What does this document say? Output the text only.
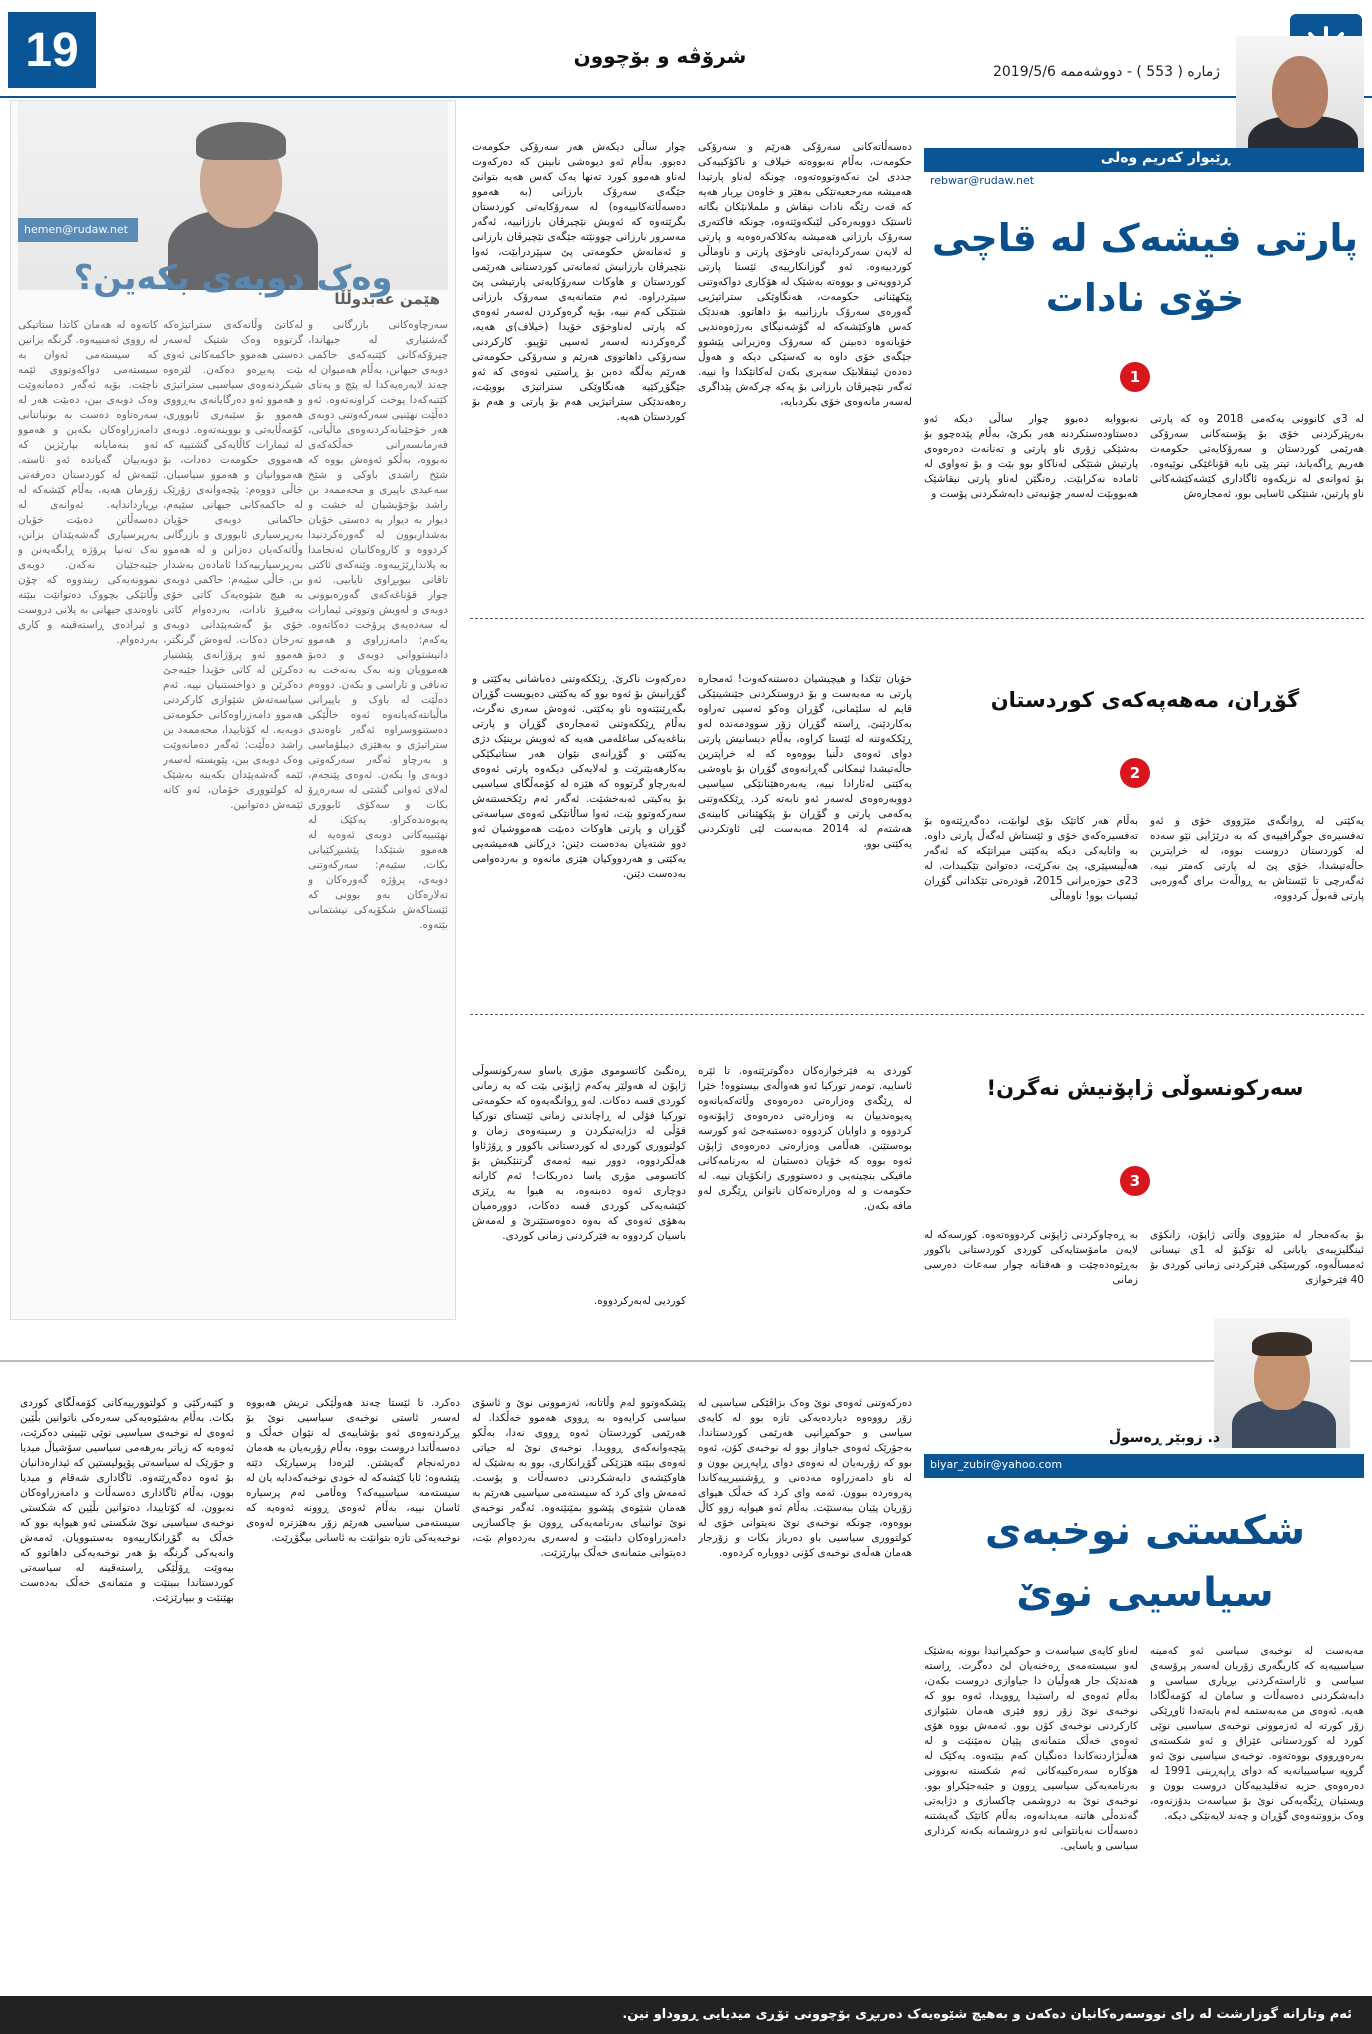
19	شرۆڤە و بۆچوون
ژمارە ( 553 ) - دووشەممە 2019/5/6
هێمن عەبدوڵڵا
hemen@rudaw.net
وەک دوبەی بکەین؟
سەرچاوەکانی بازرگانی و گەشتیاری لە جیهاندا، چیرۆکەکانی کێتبەکەی حاکمی دوبەی جیهانن، بەڵام هەمیوان لە چەند لاپەرەیەکدا لە پێچ و پەنای کێتبەکەدا پوخت کراونەتەوە. ئەو دەڵێت نهێنیی سەرکەوتنی دوبەی هەر خۆجێبانەکردنەوەی ماڵیاتی، فەرمانسەرانی خەڵکەکەی نەبووە، بەڵکو ئەوەش بووە کە شێخ راشدی باوکی و شێخ سەعیدی باپیری و محەممەد بن راشد بۆخۆیشیان لە خشت و دیوار بە دیوار بە دەستی خۆیان بەشداربوون لە گەورەکردنیدا کردووە و کاروەکانیان ئەنجامدا بە پلانداڕێژییەوە. وێنەکەی ئاکتی تاقانی بیوبڕاوی نایابیی. ئەو چوار قۆناغەکەی گەورەبوونی دوبەی و لەویش وتووتی ئیمارات لە سەدەیەی پرۆخت دەکاتەوە. یەکەم: دامەزراوی و هەموو دانیشتووانی دوبەی و دەبۆ هەموویان ونە بەک بەنەخت بە تەنافی و تاراسی و بکەن. دووەم دەڵێت لە باوک و باپیرانی ماڵبانتەکەیانەوە ئەوە خاڵێکی دەستنووسراوە ئەگەر ناوەندی ستراتیژی و بەهێزی دیبلۆماسی و بەرچاو ئەگەر سەرکەوتی دوبەی وا بکەن. ئەوەی پێنجەم، لەلای ئەوانی گشتی لە سەرەڕۆ بکات و سەکۆی ئابووری پەیوەندەکراو. یەکێک لە نهێنییەکانی دوبەی ئەوەیە لە هەموو شتێکدا پێشبڕکێیانی بکات. سێیەم: سەرکەوتنی دوبەی، پرۆژە گەورەکان و تەلارەکان بەو بوونی کە ئێستاکەش شکۆیەکی نیشتمانی بێتەوە.
لەکاتێ وڵاتەکەی ستراتیژەکە گرتووە وەک شتیک لەسەر دەستی هەموو حاکمەکانی ئەوی بێت پەیڕەو دەکەن. لێرەوە شیکردنەوەی سیاسیی ستراتیژی و هەموو ئەو دەرگایانەی بەڕووی هەموو بۆ سێبەری ئابووری، کۆمەڵایەتی و بووینەتەوە. دوبەی لە ئیمارات کاڵایەکی گشتییە کە هەمووی حکومەت دەدات، بۆ هەمووانیان و هەموو سیاسیان. خاڵی دووەم: پێچەوانەی زۆرێک لە حاکمەکانی جیهانی سێیەم، حاکمانی دوبەی خۆیان بەرپرسیاری ئابووری و بازرگانی وڵاتەکەیان دەزانن و لە هەموو بەرپرسیارییەکدا ئامادەن بەشدار بن. خاڵی سێیەم: حاکمی دوبەی بە هیچ شێوەیەک کاتی خۆی بەفیڕۆ نادات، بەردەوام کاتی خۆی بۆ گەشەپێدانی دوبەی تەرخان دەکات. لەوەش گرنگتر، هەموو ئەو پرۆژانەی پێشنیار دەکرێن لە کاتی خۆیدا جێبەجێ دەکرێن و دواخستنیان نییە. ئەم سیاسەتەش شێوازی کارکردنی هەموو دامەزراوەکانی حکومەتی دوبەیە. لە کۆتاییدا، محەممەد بن راشد دەڵێت: ئەگەر دەمانەوێت وەک دوبەی بین، پێویستە لەسەر ئێمە گەشەپێدان بکەینە بەشێک لە کولتووری خۆمان، ئەو کاتە ئێمەش دەتوانین.
کاتەوە لە هەمان کاتدا ستاتیکی لە رووی ئەمنییەوە. گرنگە بزانین کە سیستەمی ئەوان بە سیستەمی دواکەوتووی ئێمە ناچێت. بۆیە ئەگەر دەمانەوێت وەک دوبەی بین، دەبێت هەر لە سەرەتاوە دەست بە بونیاتنانی دامەزراوەکان بکەین و هەموو ئەو بنەمایانە بپارێزین کە دوبەییان گەیاندە ئەو ئاستە. ئێمەش لە کوردستان دەرفەتی زۆرمان هەیە، بەڵام کێشەکە لە بڕیارداندایە. ئەوانەی لە دەسەڵاتن دەبێت خۆیان بەرپرسیاری گەشەپێدان بزانن، نەک تەنیا پرۆژە ڕابگەیەنن و جێبەجێیان نەکەن. دوبەی نموونەیەکی زیندووە کە چۆن وڵاتێکی بچووک دەتوانێت ببێتە ناوەندی جیهانی بە پلانی دروست و ئیرادەی ڕاستەقینە و کاری بەردەوام.
ڕێبوار کەریم وەلی
rebwar@rudaw.net
پارتی فیشەک لە قاچی
خۆی نادات
1
لە 3ی کانوونی یەکەمی 2018 وە کە پارتی بەرپێرکردنی خۆی بۆ پۆستەکانی سەرۆکی هەرێمی کوردستان و سەرۆکایەتی حکومەت هەریم ڕاگەیاند، تیتر پێی نایە قۆناغێکی نوێیەوە. بۆ ئەوانەی لە نزیکەوە ئاگاداری کێشەکێشەکانی ناو پارتین، شتێکی ئاسایی بوو، ئەمجارەش
نەبووایە دەبوو چوار ساڵی دیکە ئەو دەستاودەستکردنە هەر بکرێ، بەڵام پێدەچوو بۆ بەشێکی زۆری ناو پارتی و تەنانەت دەرەوەی پارتیش شتێکی لەناکاو بوو بێت و بۆ تەواوی لە ئامادە نەکرابێت. رەنگێن لەناو پارتی نیقاشێک هەبووبێت لەسەر چۆنیەتی دابەشکردنی پۆست و
دەسەڵاتەکانی سەرۆکی هەرێم و سەرۆکی حکومەت، بەڵام نەبووەتە خیلاف و ناکۆکییەکی جددی لێ نەکەوتووەتەوە، چونکە لەناو پارتیدا هەمیشە مەرجعیەتێکی بەهێز و خاوەن بڕیار هەیە کە قەت رێگە نادات نیقاش و ململانێکان بگاتە ئاستێک دووبەرەکی لێبکەوێتەوە، چونکە فاکتەری سەرۆک بارزانی هەمیشە بەکلاکەرەوەیە و پارتی لە لایەن سەرکردایەتی ناوخۆی پارتی و ناوماڵی کوردییەوە. ئەو گوزانکارییەی ئێستا پارتی کردوویەتی و بووەتە بەشێک لە هۆکاری دواکەوتنی پێکهێنانی حکومەت، هەنگاوێکی ستراتیژیی گەورەی سەرۆک بارزانییە بۆ داهاتوو. هەندێک کەس هاوکێشەکە لە گۆشەنیگای بەرژەوەندیی خۆیانەوە دەبینن کە سەرۆک وەزیرانی پێشوو جێگەی خۆی داوە بە کەسێکی دیکە و هەوڵ دەدەن ئینقلابێک سەیری بکەن لەکاتێکدا وا نییە. ئەگەر نێچیرڤان بارزانی بۆ پەکە چرکەش پێداگری لەسەر مانەوەی خۆی بکردبایە،
چوار ساڵی دیکەش هەر سەرۆکی حکومەت دەبوو. بەڵام ئەو دیوەشی نابینن کە دەرکەوت لەناو هەموو کورد تەنها یەک کەس هەیە بتوانێ جێگەی سەرۆک بارزانی (بە هەموو دەسەڵاتەکانییەوە) لە سەرۆکایەتی کوردستان بگرێتەوە کە ئەویش نێچیرڤان بارزانییە، ئەگەر مەسرور بارزانی چوونێتە جێگەی نێچیرڤان بارزانی و ئەمانەش حکومەتی پێ سپێردرابێت، ئەوا نێچیرڤان بارزانیش ئەمانەتی کوردستانی هەرێمی کوردستان و هاوکات سەرۆکایەتی پارتیشی پێ سپێردراوە. ئەم متمانەیەی سەرۆک بارزانی شتێکی کەم نییە، بۆیە گرەوکردن لەسەر ئەوەی کە پارتی لەناوخۆی خۆیدا (خیلاف)ی هەیە، گرەوکردنە لەسەر ئەسپی تۆپیو. کارکردنی سەرۆکی داهاتووی هەرێم و سەرۆکی حکومەتی هەرێم بەڵگە دەبن بۆ ڕاستیی ئەوەی کە ئەو جێگۆڕکێیە هەنگاوێکی ستراتیژی بووبێت، رەهەندێکی ستراتیژیی هەم بۆ پارتی و هەم بۆ کوردستان هەیە.
گۆڕان، مەهەپەکەی کوردستان
2
یەکێتی لە ڕوانگەی مێژووی خۆی و ئەو تەفسیرەی جوگرافییەی کە بە درێژایی نێو سەدە لە کوردستان دروست بووە، لە خراپترین حاڵەتیشدا، خۆی پێ لە پارتی کەمتر نییە. ئەگەرچی تا ئێستاش بە ڕواڵەت برای گەورەیی پارتی قەبوڵ کردووە،
بەڵام هەر کاتێک بۆی لوابێت، دەگەڕێتەوە بۆ تەفسیرەکەی خۆی و ئێستاش لەگەڵ پارتی داوە. بە واتایەکی دیکە یەکێتی میراتێکە کە ئەگەر هەڵیبسپێری، پێ نەکرێت، دەتوانێ تێکیبدات. لە 23ی حوزەیرانی 2015، قودرەتی تێکدانی گۆڕان ئیسپات بوو! ناوماڵی
خۆیان تێکدا و هیچیشیان دەستنەکەوت! ئەمجارە پارتی بە مەبەست و بۆ دروستکردنی جێنشینێکی قایم لە سلێمانی، گۆڕان وەکو ئەسپی تەراوە بەکاردێنێ. ڕاستە گۆڕان زۆر سوودمەندە لەو ڕێککەوتنە لە ئێستا کراوە، بەڵام دیسانیش پارتی دوای ئەوەی دڵنیا بووەوە کە لە خراپترین حاڵەتیشدا ئیمکانی گەڕانەوەی گۆڕان بۆ باوەشی یەکێتی لەئارادا نییە، یەبەرەهێنانێکی سیاسیی دووبەرەوەی لەسەر ئەو نابەتە کرد. ڕێککەوتنی یەکەمی پارتی و گۆڕان بۆ پێکهێنانی کابینەی هەشتەم لە 2014 مەبەست لێی ئاوتکردنی یەکێتی بوو،
دەرکەوت ناکرێ. ڕێککەوتنی دەباشانی یەکێتی و گۆڕانیش بۆ ئەوە بوو کە یەکێتی دەیویست گۆڕان بگەڕێنێتەوە ناو یەکێتی. ئەوەش سەری نەگرت، بەڵام ڕێککەوتنی ئەمجارەی گۆڕان و پارتی بناغەیەکی ساغلەمی هەیە کە ئەویش برینێک دژی یەکێتی و گۆڕانەی نێوان هەر ستاتیکێکی بەکارهەبێنرێت و لەلایەکی دیکەوە پارتی ئەوەی لەبەرچاو گرتووە کە هێزە لە کۆمەڵگای سیاسیی بۆ یەکیتی ئەبەخشێت. ئەگەر ئەم رێکخستنەش سەرکەوتوو بێت، ئەوا ساڵانێکی ئەوەی سیاسەتی گۆڕان و پارتی هاوکات دەبێت هەمووشیان ئەو دوو شتەیان بەدەست دێنن: دڕکانی هەمیشەیی یەکێتی و هەردووکیان هێزی مانەوە و بەردەوامی بەدەست دێنن.
سەرکونسوڵی ژاپۆنیش نەگرن!
3
بۆ بەکەمجار لە مێژووی وڵاتی ژاپۆن، زانکۆی ئینگلیزیبەی یابانی لە تۆکیۆ لە 1ی نیسانی ئەمساڵەوە، کورسێکی فێرکردنی زمانی کوردی بۆ 40 فێرخوازی
بە ڕەچاوکردنی ژاپۆنی کردووەتەوە. کورسەکە لە لایەن مامۆستایەکی کوردی کوردستانی باکوور بەڕێوەدەچێت و هەفتانە چوار سەعات دەرسی زمانی
کوردی بە فێرخوازەکان دەگوترێتەوە. تا ئێرە ئاساییە. تومەز تورکیا ئەو هەواڵەی بیستووە! خێرا لە ڕێگەی وەزارەتی دەرەوەی وڵاتەکەیانەوە پەیوەندییان بە وەزارەتی دەرەوەی ژاپۆنەوە کردووە و داوایان کردووە دەستبەجێ ئەو کورسە بوەستێنن. هەڵامی وەزارەتی دەرەوەی ژاپۆن ئەوە بووە کە خۆیان دەستیان لە بەرنامەکانی مافیکی بنچینەیی و دەستووری زانکۆیان نییە. لە حکومەت و لە وەزارەتەکان ناتوانن ڕێگری لەو مافە بکەن.
ڕەنگبێ کاتسوموی مۆری یاساو سەرکونسوڵی ژاپۆن لە هەولێر یەکەم ژاپۆنی بێت کە بە زمانی کوردی قسە دەکات. لەو ڕوانگەیەوە کە حکومەتی تورکیا فۆلی لە ڕاچاندنی زمانی ئێستای تورکیا قۆڵی لە دژایەتیکردن و رسینەوەی زمان و کولتووری کوردی لە کوردستانی باکوور و ڕۆژئاوا هەڵکردووە، دوور نییە ئەمەی گرتنێکیش بۆ کاتسومی مۆری یاسا دەربکات! ئەم کارانە دوچاری ئەوە دەبنەوە، بە هیوا بە ڕێزی کێشەیەکی کوردی قسە دەکات، دوورەمیان بەهۆی ئەوەی کە بەوە دەوەستێنرێ و لەمەش باسیان کردووە بە فێرکردنی زمانی کوردی.
کوردیی لەبەرکردووە.
د. زوبێر ڕەسوڵ
biyar_zubir@yahoo.com
شکستی نوخبەی
سیاسیی نوێ
مەبەست لە نوخبەی سیاسی ئەو کەمینە سیاسییەیە کە کاریگەری زۆریان لەسەر پرۆسەی سیاسی و ئاراستەکردنی بڕیاری سیاسی و دابەشکردنی دەسەڵات و سامان لە کۆمەڵگادا هەیە. ئەوەی من مەبەستمە لەم بابەتەدا ئاوڕێکی زۆر کورتە لە ئەزموونی نوخبەی سیاسیی نوێی کورد لە کوردستانی عێراق و ئەو شکستەی بەرەوڕووی بووەتەوە. نوخبەی سیاسیی نوێ ئەو گروپە سیاسییانەیە کە دوای ڕاپەڕینی 1991 لە دەرەوەی حزبە تەقلیدییەکان دروست بوون و ویستیان ڕێگەیەکی نوێ بۆ سیاسەت بدۆزنەوە، وەک بزووتنەوەی گۆڕان و چەند لایەنێکی دیکە.
لەناو کایەی سیاسەت و حوکمڕانیدا بوونە بەشێک لەو سیستەمەی ڕەخنەیان لێ دەگرت. ڕاستە هەندێک جار هەوڵیان دا جیاوازی دروست بکەن، بەڵام ئەوەی لە راستیدا ڕوویدا، ئەوە بوو کە نوخبەی نوێ زۆر زوو فێری هەمان شێوازی کارکردنی نوخبەی کۆن بوو. ئەمەش بووە هۆی ئەوەی خەڵک متمانەی پێیان نەمێنێت و لە هەڵبژاردنەکاندا دەنگیان کەم ببێتەوە. یەکێک لە هۆکارە سەرەکییەکانی ئەم شکستە نەبوونی بەرنامەیەکی سیاسیی ڕوون و جێبەجێکراو بوو. نوخبەی نوێ بە دروشمی چاکسازی و دژایەتی گەندەڵی هاتنە مەیدانەوە، بەڵام کاتێک گەیشتنە دەسەڵات نەیانتوانی ئەو دروشمانە بکەنە کرداری سیاسی و یاسایی.
دەرکەوتنی ئەوەی نوێ وەک بزاڤێکی سیاسیی لە زۆر رووەوە دیاردەیەکی تازە بوو لە کایەی سیاسی و حوکمڕانیی هەرێمی کوردستاندا. بەجۆرێک ئەوەی جیاواز بوو لە نوخبەی کۆن، ئەوە بوو کە زۆربەیان لە نەوەی دوای ڕاپەڕین بوون و لە ناو دامەزراوە مەدەنی و ڕۆشنبیرییەکاندا پەروەردە ببوون. ئەمە وای کرد کە خەڵک هیوای زۆریان پێیان ببەستێت. بەڵام ئەو هیوایە زوو کاڵ بووەوە، چونکە نوخبەی نوێ نەیتوانی خۆی لە کولتووری سیاسیی باو دەرباز بکات و زۆرجار هەمان هەڵەی نوخبەی کۆنی دووبارە کردەوە.
پێشکەوتوو لەم وڵاتانە، ئەزموونی نوێ و ئاسۆی سیاسی کرایەوە بە ڕووی هەموو خەڵکدا. لە هەرێمی کوردستان ئەوە ڕووی نەدا، بەڵکو پێچەوانەکەی ڕوویدا. نوخبەی نوێ لە جیاتی ئەوەی ببێتە هێزێکی گۆڕانکاری، بوو بە بەشێک لە هاوکێشەی دابەشکردنی دەسەڵات و پۆست. ئەمەش وای کرد کە سیستەمی سیاسیی هەرێم بە هەمان شێوەی پێشوو بمێنێتەوە. ئەگەر نوخبەی نوێ توانیبای بەرنامەیەکی ڕوون بۆ چاکسازیی دامەزراوەکان دابنێت و لەسەری بەردەوام بێت، دەیتوانی متمانەی خەڵک بپارێزێت.
دەکرد. تا ئێستا چەند هەوڵێکی تریش هەبووە لەسەر ئاستی نوخبەی سیاسیی نوێ بۆ پڕکردنەوەی ئەو بۆشاییەی لە نێوان خەڵک و دەسەڵاتدا دروست بووە، بەڵام زۆربەیان بە هەمان دەرئەنجام گەیشتن. لێرەدا پرسیارێک دێتە پێشەوە: ئایا کێشەکە لە خودی نوخبەکەدایە یان لە سیستەمە سیاسییەکە؟ وەڵامی ئەم پرسیارە ئاسان نییە، بەڵام ئەوەی ڕوونە ئەوەیە کە سیستەمی سیاسیی هەرێم زۆر بەهێزترە لەوەی نوخبەیەکی تازە بتوانێت بە ئاسانی بیگۆڕێت.
و کێبەرکێی و کولتوورییەکانی کۆمەڵگای کوردی بکات. بەڵام بەشێوەیەکی سەرەکی ناتوانین بڵێین ئەوەی لە نوخبەی سیاسیی نوێی تێبینی دەکرێت، ئەوەیە کە زیاتر بەرهەمی سیاسیی سۆشیاڵ میدیا و جۆرێک لە سیاسەتی پۆپولیستین کە ئیدارەدانیان بۆ ئەوە دەگەڕێتەوە. ئاگاداری شەقام و میدیا بوون، بەڵام ئاگاداری دەسەڵات و دامەزراوەکان نەبوون. لە کۆتاییدا، دەتوانین بڵێین کە شکستی نوخبەی سیاسیی نوێ شکستی ئەو هیوایە بوو کە خەڵک بە گۆڕانکارییەوە بەستبوویان. ئەمەش وانەیەکی گرنگە بۆ هەر نوخبەیەکی داهاتوو کە بیەوێت ڕۆڵێکی ڕاستەقینە لە سیاسەتی کوردستاندا ببینێت و متمانەی خەڵک بەدەست بهێنێت و بیپارێزێت.
ئەم وتارانە گوزارشت لە رای نووسەرەکانیان دەکەن و بەهیچ شێوەیەک دەربڕی بۆچوونی تۆڕی میدیایی ڕووداو نین.
